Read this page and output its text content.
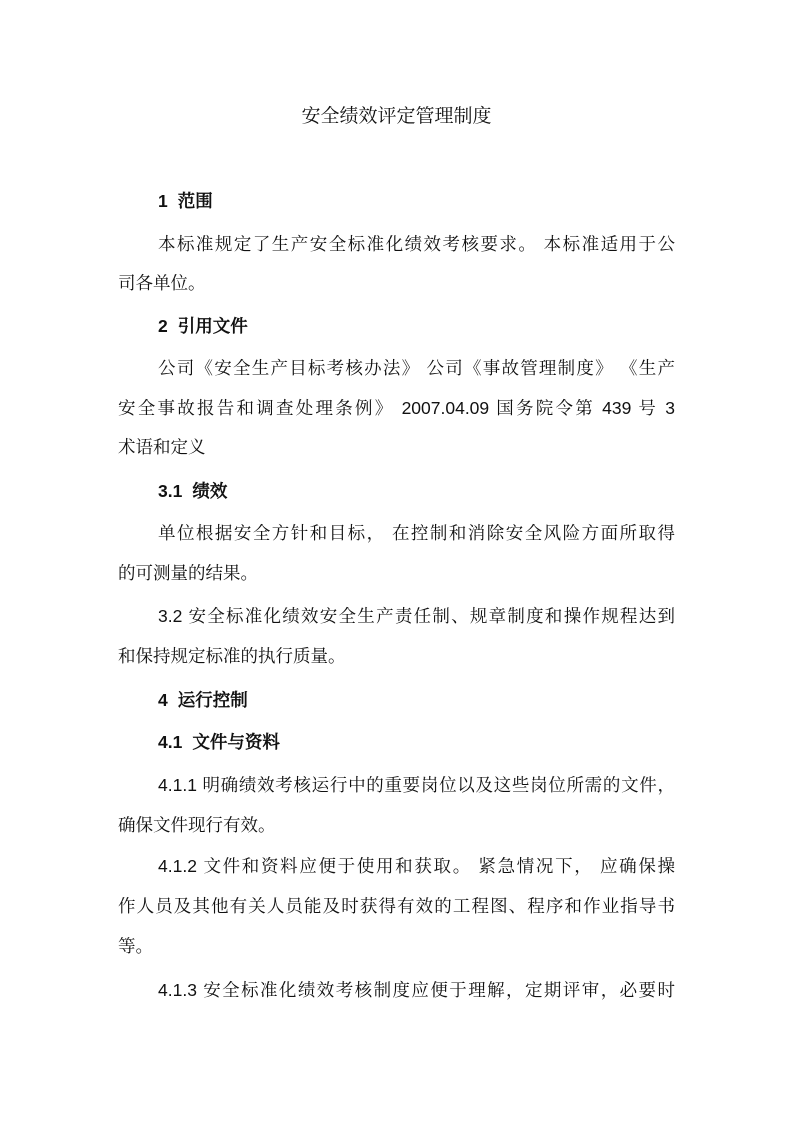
安全绩效评定管理制度
1 范围
本标准规定了生产安全标准化绩效考核要求。 本标准适用于公
司各单位。
2 引用文件
公司《安全生产目标考核办法》 公司《事故管理制度》 《生产
安全事故报告和调查处理条例》 2007.04.09 国务院令第 439 号 3
术语和定义
3.1 绩效
单位根据安全方针和目标， 在控制和消除安全风险方面所取得
的可测量的结果。
3.2 安全标准化绩效安全生产责任制、规章制度和操作规程达到
和保持规定标准的执行质量。
4 运行控制
4.1 文件与资料
4.1.1 明确绩效考核运行中的重要岗位以及这些岗位所需的文件，
确保文件现行有效。
4.1.2 文件和资料应便于使用和获取。 紧急情况下， 应确保操
作人员及其他有关人员能及时获得有效的工程图、程序和作业指导书
等。
4.1.3 安全标准化绩效考核制度应便于理解，定期评审，必要时
